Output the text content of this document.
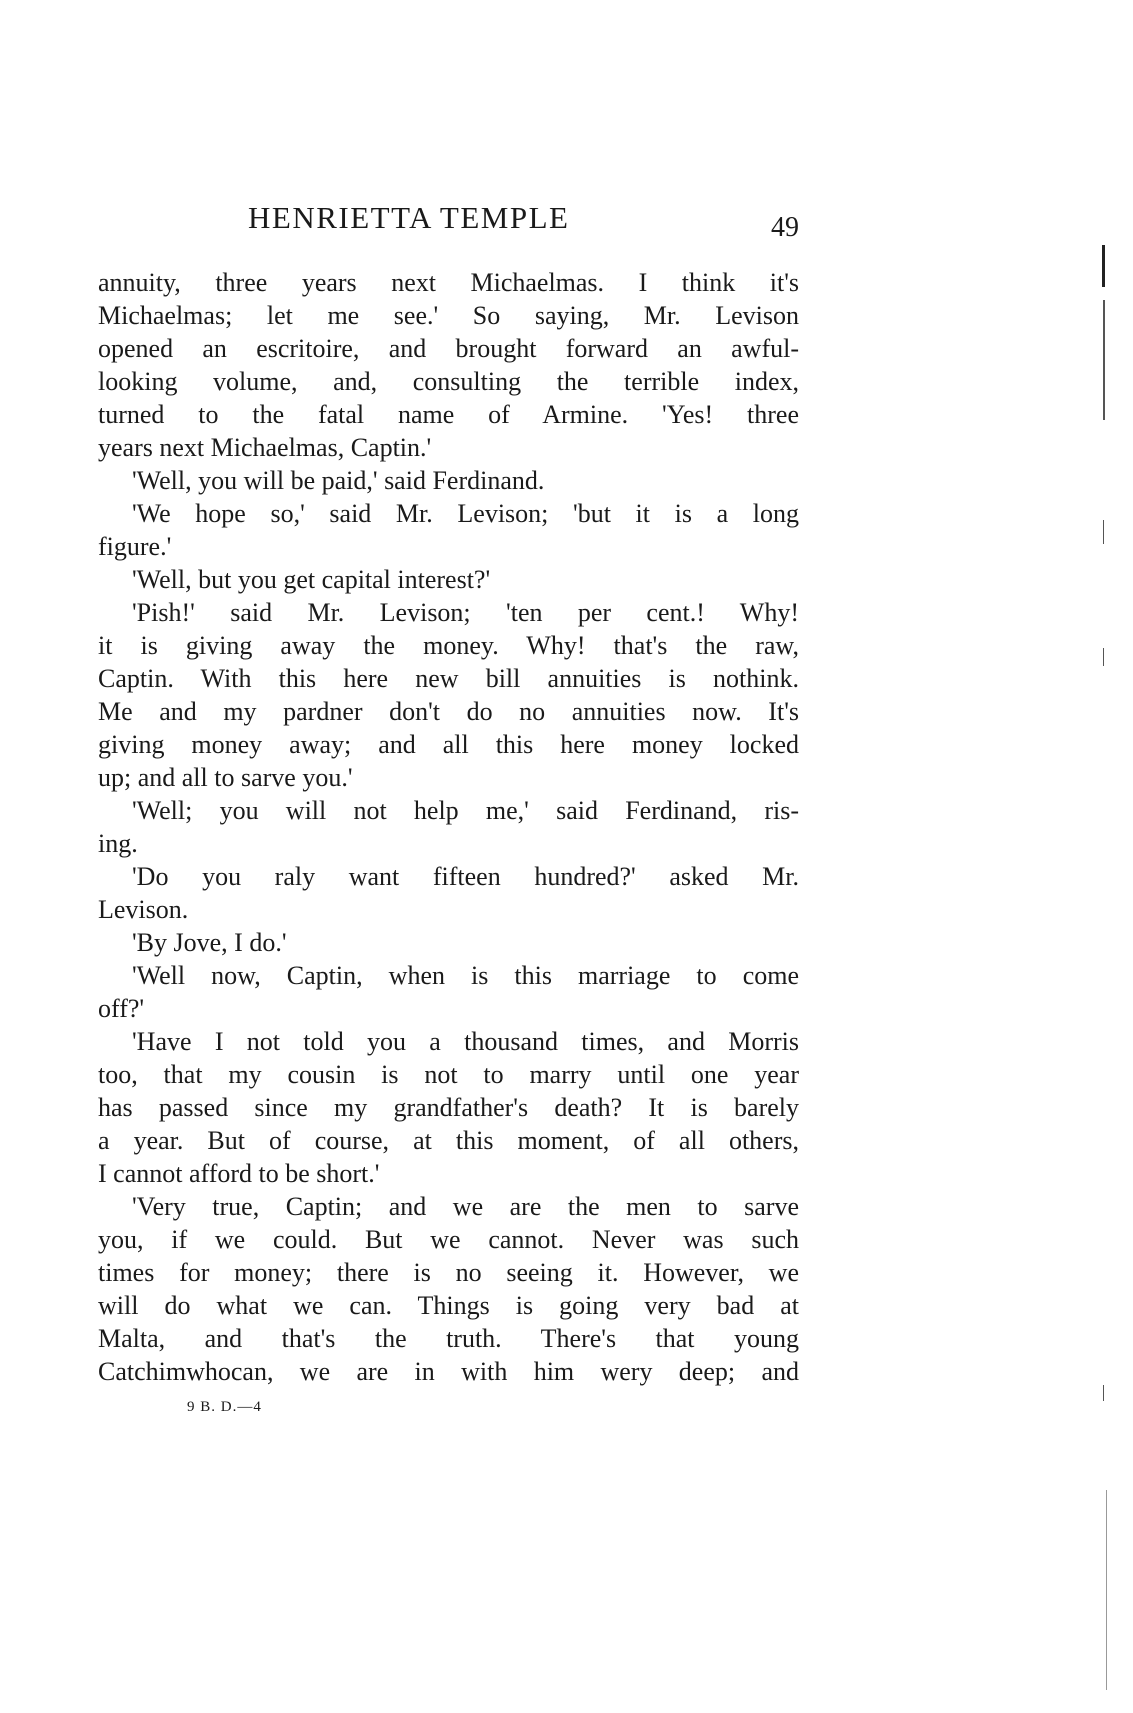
HENRIETTA TEMPLE	49
annuity, three years next Michaelmas. I think it's
Michaelmas; let me see.' So saying, Mr. Levison
opened an escritoire, and brought forward an awful-
looking volume, and, consulting the terrible index,
turned to the fatal name of Armine. 'Yes! three
years next Michaelmas, Captin.'
'Well, you will be paid,' said Ferdinand.
'We hope so,' said Mr. Levison; 'but it is a long
figure.'
'Well, but you get capital interest?'
'Pish!' said Mr. Levison; 'ten per cent.! Why!
it is giving away the money. Why! that's the raw,
Captin. With this here new bill annuities is nothink.
Me and my pardner don't do no annuities now. It's
giving money away; and all this here money locked
up; and all to sarve you.'
'Well; you will not help me,' said Ferdinand, ris-
ing.
'Do you raly want fifteen hundred?' asked Mr.
Levison.
'By Jove, I do.'
'Well now, Captin, when is this marriage to come
off?'
'Have I not told you a thousand times, and Morris
too, that my cousin is not to marry until one year
has passed since my grandfather's death? It is barely
a year. But of course, at this moment, of all others,
I cannot afford to be short.'
'Very true, Captin; and we are the men to sarve
you, if we could. But we cannot. Never was such
times for money; there is no seeing it. However, we
will do what we can. Things is going very bad at
Malta, and that's the truth. There's that young
Catchimwhocan, we are in with him wery deep; and
9 B. D.—4
